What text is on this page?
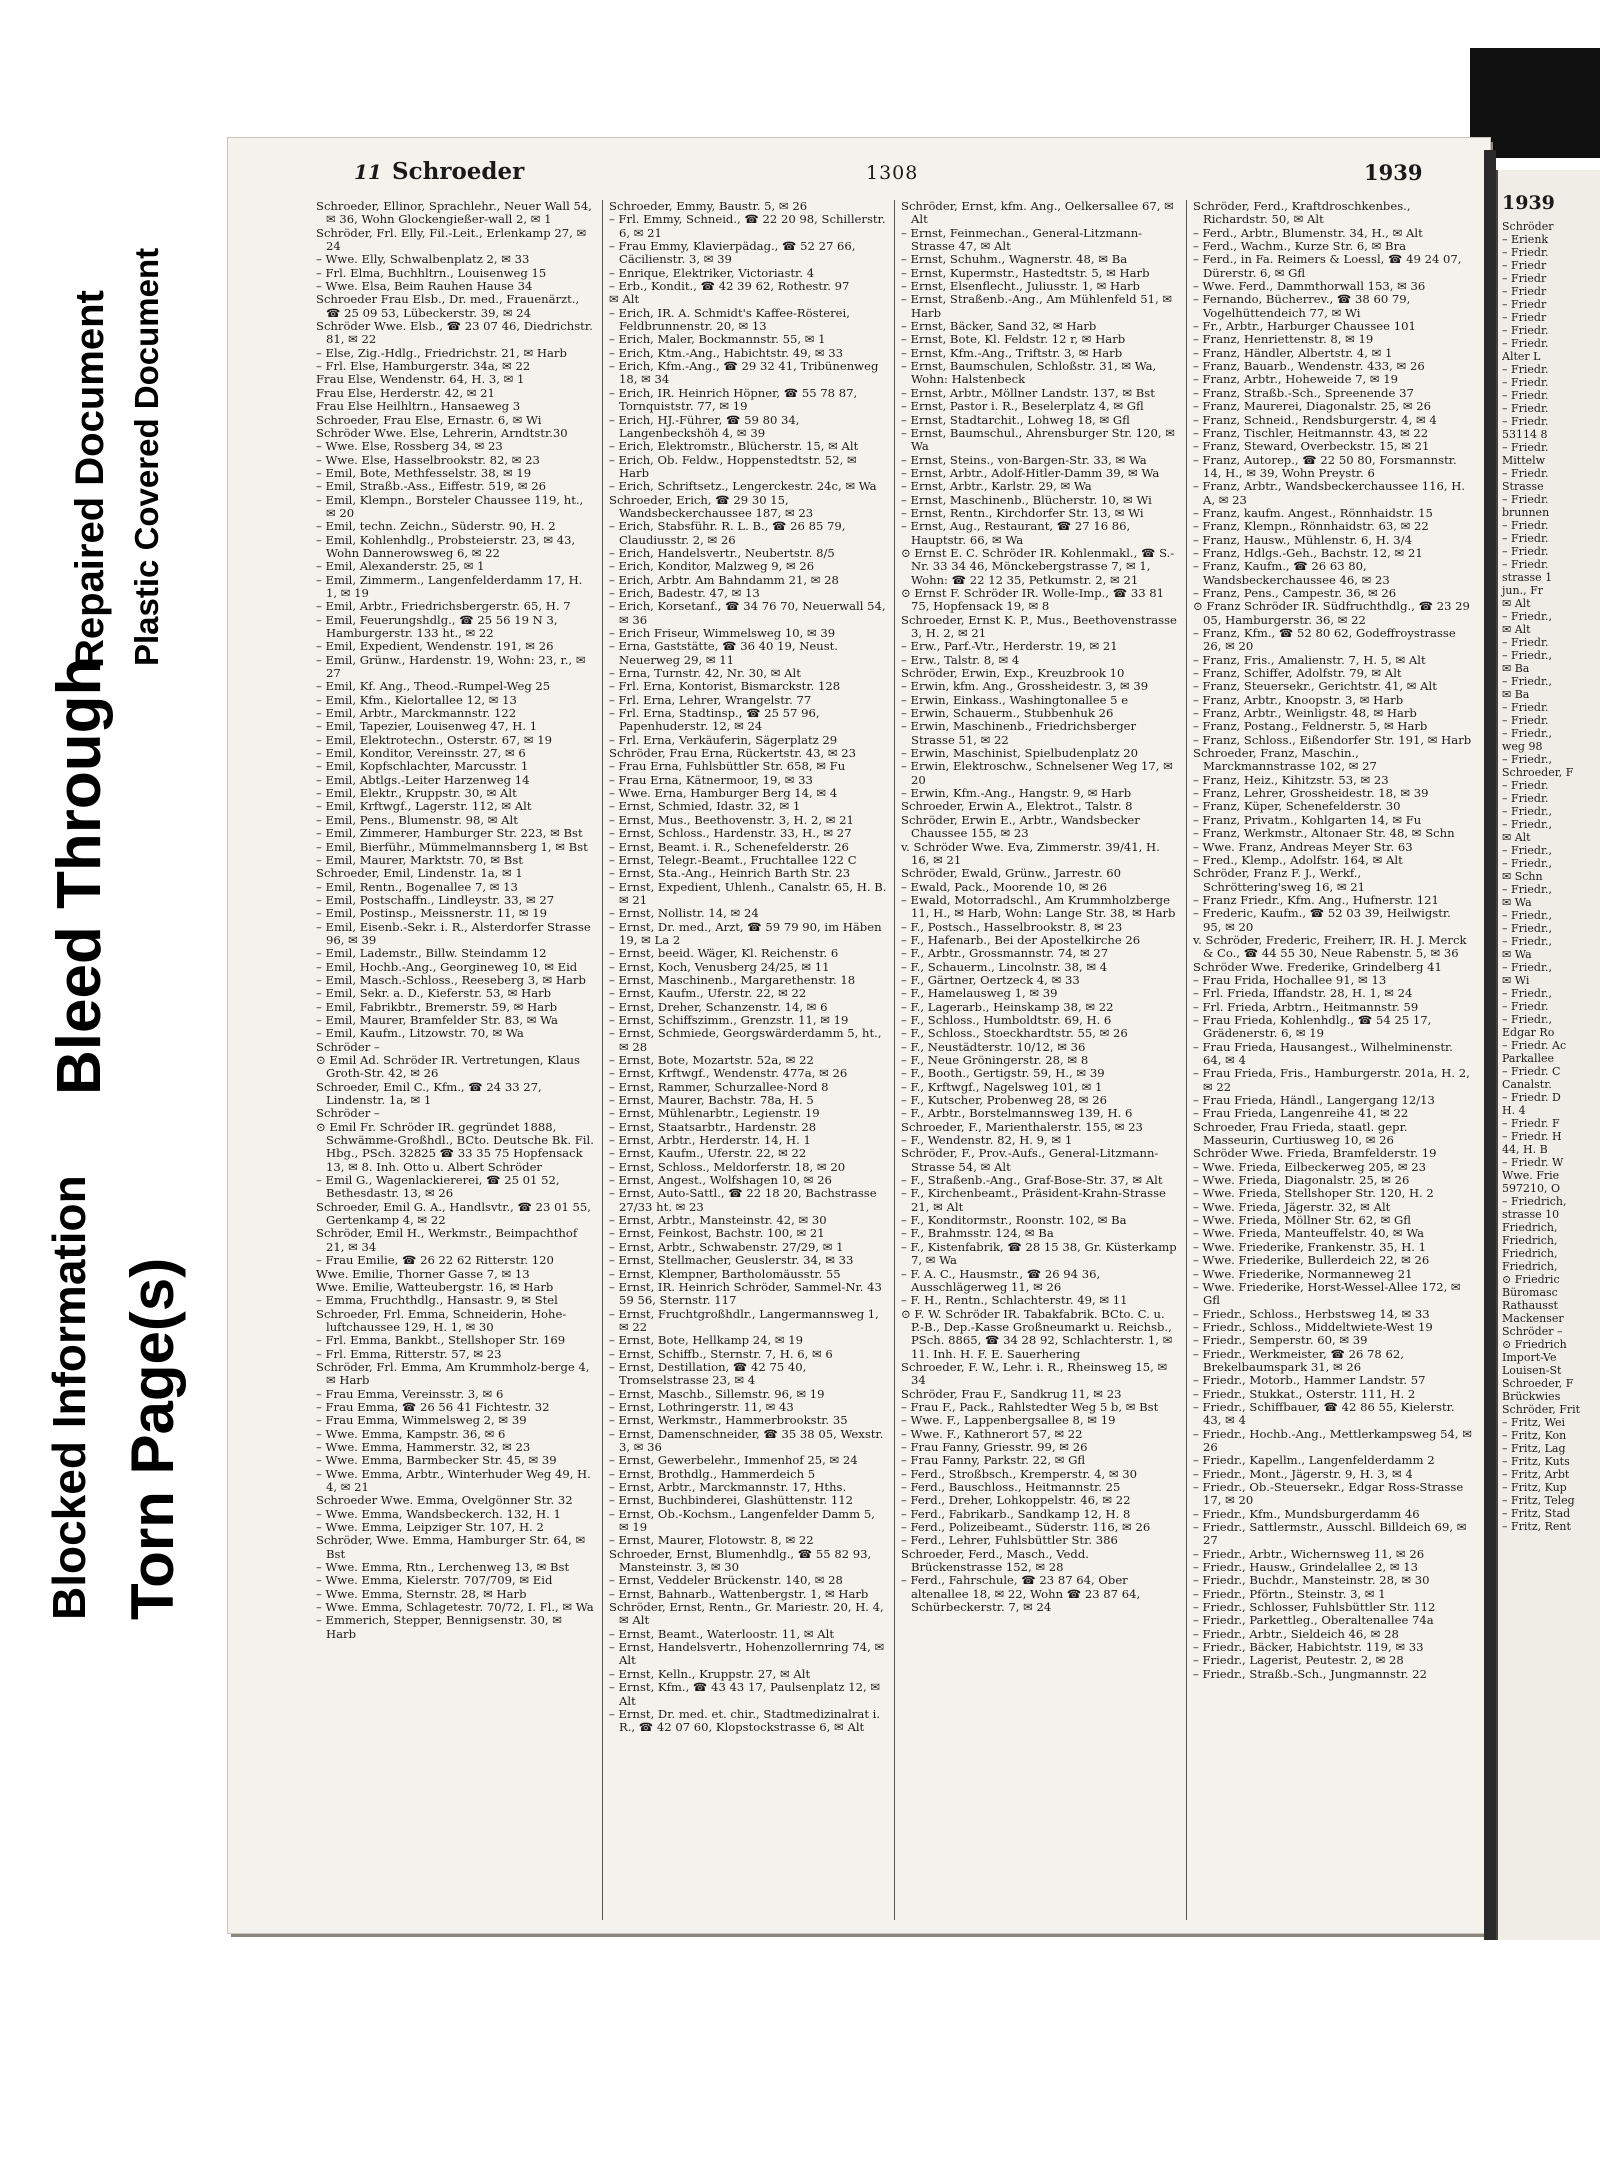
Bleed Through
Repaired Document Plastic Covered Document
Blocked Information Torn Page(s)
11 Schroeder	1308	1939
Schroeder, Ellinor, Sprachlehr., Neuer Wall 54, ✉ 36, Wohn Glockengießer-wall 2, ✉ 1
Schröder, Frl. Elly, Fil.-Leit., Erlenkamp 27, ✉ 24
– Wwe. Elly, Schwalbenplatz 2, ✉ 33
– Frl. Elma, Buchhltrn., Louisenweg 15
– Wwe. Elsa, Beim Rauhen Hause 34
Schroeder Frau Elsb., Dr. med., Frauenärzt., ☎ 25 09 53, Lübeckerstr. 39, ✉ 24
Schröder Wwe. Elsb., ☎ 23 07 46, Diedrichstr. 81, ✉ 22
– Else, Zig.-Hdlg., Friedrichstr. 21, ✉ Harb
– Frl. Else, Hamburgerstr. 34a, ✉ 22
Frau Else, Wendenstr. 64, H. 3, ✉ 1
Frau Else, Herderstr. 42, ✉ 21
Frau Else Heilhltrn., Hansaeweg 3
Schroeder, Frau Else, Ernastr. 6, ✉ Wi
Schröder Wwe. Else, Lehrerin, Arndtstr.30
– Wwe. Else, Rossberg 34, ✉ 23
– Wwe. Else, Hasselbrookstr. 82, ✉ 23
– Emil, Bote, Methfesselstr. 38, ✉ 19
– Emil, Straßb.-Ass., Eiffestr. 519, ✉ 26
– Emil, Klempn., Borsteler Chaussee 119, ht., ✉ 20
– Emil, techn. Zeichn., Süderstr. 90, H. 2
– Emil, Kohlenhdlg., Probsteierstr. 23, ✉ 43, Wohn Dannerowsweg 6, ✉ 22
– Emil, Alexanderstr. 25, ✉ 1
– Emil, Zimmerm., Langenfelderdamm 17, H. 1, ✉ 19
– Emil, Arbtr., Friedrichsbergerstr. 65, H. 7
– Emil, Feuerungshdlg., ☎ 25 56 19 N 3, Hamburgerstr. 133 ht., ✉ 22
– Emil, Expedient, Wendenstr. 191, ✉ 26
– Emil, Grünw., Hardenstr. 19, Wohn: 23, r., ✉ 27
– Emil, Kf. Ang., Theod.-Rumpel-Weg 25
– Emil, Kfm., Kielortallee 12, ✉ 13
– Emil, Arbtr., Marckmannstr. 122
– Emil, Tapezier, Louisenweg 47, H. 1
– Emil, Elektrotechn., Osterstr. 67, ✉ 19
– Emil, Konditor, Vereinsstr. 27, ✉ 6
– Emil, Kopfschlachter, Marcusstr. 1
– Emil, Abtlgs.-Leiter Harzenweg 14
– Emil, Elektr., Kruppstr. 30, ✉ Alt
– Emil, Krftwgf., Lagerstr. 112, ✉ Alt
– Emil, Pens., Blumenstr. 98, ✉ Alt
– Emil, Zimmerer, Hamburger Str. 223, ✉ Bst
– Emil, Bierführ., Mümmelmannsberg 1, ✉ Bst
– Emil, Maurer, Marktstr. 70, ✉ Bst
Schroeder, Emil, Lindenstr. 1a, ✉ 1
– Emil, Rentn., Bogenallee 7, ✉ 13
– Emil, Postschaffn., Lindleystr. 33, ✉ 27
– Emil, Postinsp., Meissnerstr. 11, ✉ 19
– Emil, Eisenb.-Sekr. i. R., Alsterdorfer Strasse 96, ✉ 39
– Emil, Lademstr., Billw. Steindamm 12
– Emil, Hochb.-Ang., Georgineweg 10, ✉ Eid
– Emil, Masch.-Schloss., Reeseberg 3, ✉ Harb
– Emil, Sekr. a. D., Kieferstr. 53, ✉ Harb
– Emil, Fabrikbtr., Bremerstr. 59, ✉ Harb
– Emil, Maurer, Bramfelder Str. 83, ✉ Wa
– Emil, Kaufm., Litzowstr. 70, ✉ Wa
Schröder –
⊙ Emil Ad. Schröder IR. Vertretungen, Klaus Groth-Str. 42, ✉ 26
Schroeder, Emil C., Kfm., ☎ 24 33 27, Lindenstr. 1a, ✉ 1
Schröder –
⊙ Emil Fr. Schröder IR. gegründet 1888, Schwämme-Großhdl., BCto. Deutsche Bk. Fil. Hbg., PSch. 32825 ☎ 33 35 75 Hopfensack 13, ✉ 8. Inh. Otto u. Albert Schröder
– Emil G., Wagenlackiererei, ☎ 25 01 52, Bethesdastr. 13, ✉ 26
Schroeder, Emil G. A., Handlsvtr., ☎ 23 01 55, Gertenkamp 4, ✉ 22
Schröder, Emil H., Werkmstr., Beimpachthof 21, ✉ 34
– Frau Emilie, ☎ 26 22 62 Ritterstr. 120
Wwe. Emilie, Thorner Gasse 7, ✉ 13
Wwe. Emilie, Watteubergstr. 16, ✉ Harb
– Emma, Fruchthdlg., Hansastr. 9, ✉ Stel
Schroeder, Frl. Emma, Schneiderin, Hohe-luftchaussee 129, H. 1, ✉ 30
– Frl. Emma, Bankbt., Stellshoper Str. 169
– Frl. Emma, Ritterstr. 57, ✉ 23
Schröder, Frl. Emma, Am Krummholz-berge 4, ✉ Harb
– Frau Emma, Vereinsstr. 3, ✉ 6
– Frau Emma, ☎ 26 56 41 Fichtestr. 32
– Frau Emma, Wimmelsweg 2, ✉ 39
– Wwe. Emma, Kampstr. 36, ✉ 6
– Wwe. Emma, Hammerstr. 32, ✉ 23
– Wwe. Emma, Barmbecker Str. 45, ✉ 39
– Wwe. Emma, Arbtr., Winterhuder Weg 49, H. 4, ✉ 21
Schroeder Wwe. Emma, Ovelgönner Str. 32
– Wwe. Emma, Wandsbeckerch. 132, H. 1
– Wwe. Emma, Leipziger Str. 107, H. 2
Schröder, Wwe. Emma, Hamburger Str. 64, ✉ Bst
– Wwe. Emma, Rtn., Lerchenweg 13, ✉ Bst
– Wwe. Emma, Kielerstr. 707/709, ✉ Eid
– Wwe. Emma, Sternstr. 28, ✉ Harb
– Wwe. Emma, Schlagetestr. 70/72, I. Fl., ✉ Wa
– Emmerich, Stepper, Bennigsenstr. 30, ✉ Harb
Schroeder, Emmy, Baustr. 5, ✉ 26
– Frl. Emmy, Schneid., ☎ 22 20 98, Schillerstr. 6, ✉ 21
– Frau Emmy, Klavierpädag., ☎ 52 27 66, Cäcilienstr. 3, ✉ 39
– Enrique, Elektriker, Victoriastr. 4
– Erb., Kondit., ☎ 42 39 62, Rothestr. 97
✉ Alt
– Erich, IR. A. Schmidt's Kaffee-Rösterei, Feldbrunnenstr. 20, ✉ 13
– Erich, Maler, Bockmannstr. 55, ✉ 1
– Erich, Ktm.-Ang., Habichtstr. 49, ✉ 33
– Erich, Kfm.-Ang., ☎ 29 32 41, Tribünenweg 18, ✉ 34
– Erich, IR. Heinrich Höpner, ☎ 55 78 87, Tornquiststr. 77, ✉ 19
– Erich, HJ.-Führer, ☎ 59 80 34, Langenbeckshöh 4, ✉ 39
– Erich, Elektromstr., Blücherstr. 15, ✉ Alt
– Erich, Ob. Feldw., Hoppenstedtstr. 52, ✉ Harb
– Erich, Schriftsetz., Lengerckestr. 24c, ✉ Wa
Schroeder, Erich, ☎ 29 30 15, Wandsbeckerchaussee 187, ✉ 23
– Erich, Stabsführ. R. L. B., ☎ 26 85 79, Claudiusstr. 2, ✉ 26
– Erich, Handelsvertr., Neubertstr. 8/5
– Erich, Konditor, Malzweg 9, ✉ 26
– Erich, Arbtr. Am Bahndamm 21, ✉ 28
– Erich, Badestr. 47, ✉ 13
– Erich, Korsetanf., ☎ 34 76 70, Neuerwall 54, ✉ 36
– Erich Friseur, Wimmelsweg 10, ✉ 39
– Erna, Gaststätte, ☎ 36 40 19, Neust. Neuerweg 29, ✉ 11
– Erna, Turnstr. 42, Nr. 30, ✉ Alt
– Frl. Erna, Kontorist, Bismarckstr. 128
– Frl. Erna, Lehrer, Wrangelstr. 77
– Frl. Erna, Stadtinsp., ☎ 25 57 96, Papenhuderstr. 12, ✉ 24
– Frl. Erna, Verkäuferin, Sägerplatz 29
Schröder, Frau Erna, Rückertstr. 43, ✉ 23
– Frau Erna, Fuhlsbüttler Str. 658, ✉ Fu
– Frau Erna, Kätnermoor, 19, ✉ 33
– Wwe. Erna, Hamburger Berg 14, ✉ 4
– Ernst, Schmied, Idastr. 32, ✉ 1
– Ernst, Mus., Beethovenstr. 3, H. 2, ✉ 21
– Ernst, Schloss., Hardenstr. 33, H., ✉ 27
– Ernst, Beamt. i. R., Schenefelderstr. 26
– Ernst, Telegr.-Beamt., Fruchtallee 122 C
– Ernst, Sta.-Ang., Heinrich Barth Str. 23
– Ernst, Expedient, Uhlenh., Canalstr. 65, H. B. ✉ 21
– Ernst, Nollistr. 14, ✉ 24
– Ernst, Dr. med., Arzt, ☎ 59 79 90, im Häben 19, ✉ La 2
– Ernst, beeid. Wäger, Kl. Reichenstr. 6
– Ernst, Koch, Venusberg 24/25, ✉ 11
– Ernst, Maschinenb., Margarethenstr. 18
– Ernst, Kaufm., Uferstr. 22, ✉ 22
– Ernst, Dreher, Schanzenstr. 14, ✉ 6
– Ernst, Schiffszimm., Grenzstr. 11, ✉ 19
– Ernst, Schmiede, Georgswärderdamm 5, ht., ✉ 28
– Ernst, Bote, Mozartstr. 52a, ✉ 22
– Ernst, Krftwgf., Wendenstr. 477a, ✉ 26
– Ernst, Rammer, Schurzallee-Nord 8
– Ernst, Maurer, Bachstr. 78a, H. 5
– Ernst, Mühlenarbtr., Legienstr. 19
– Ernst, Staatsarbtr., Hardenstr. 28
– Ernst, Arbtr., Herderstr. 14, H. 1
– Ernst, Kaufm., Uferstr. 22, ✉ 22
– Ernst, Schloss., Meldorferstr. 18, ✉ 20
– Ernst, Angest., Wolfshagen 10, ✉ 26
– Ernst, Auto-Sattl., ☎ 22 18 20, Bachstrasse 27/33 ht. ✉ 23
– Ernst, Arbtr., Mansteinstr. 42, ✉ 30
– Ernst, Feinkost, Bachstr. 100, ✉ 21
– Ernst, Arbtr., Schwabenstr. 27/29, ✉ 1
– Ernst, Stellmacher, Geuslerstr. 34, ✉ 33
– Ernst, Klempner, Bartholomäusstr. 55
– Ernst, IR. Heinrich Schröder, Sammel-Nr. 43 59 56, Sternstr. 117
– Ernst, Fruchtgroßhdlr., Langermannsweg 1, ✉ 22
– Ernst, Bote, Hellkamp 24, ✉ 19
– Ernst, Schiffb., Sternstr. 7, H. 6, ✉ 6
– Ernst, Destillation, ☎ 42 75 40, Tromselstrasse 23, ✉ 4
– Ernst, Maschb., Sillemstr. 96, ✉ 19
– Ernst, Lothringerstr. 11, ✉ 43
– Ernst, Werkmstr., Hammerbrookstr. 35
– Ernst, Damenschneider, ☎ 35 38 05, Wexstr. 3, ✉ 36
– Ernst, Gewerbelehr., Immenhof 25, ✉ 24
– Ernst, Brothdlg., Hammerdeich 5
– Ernst, Arbtr., Marckmannstr. 17, Hths.
– Ernst, Buchbinderei, Glashüttenstr. 112
– Ernst, Ob.-Kochsm., Langenfelder Damm 5, ✉ 19
– Ernst, Maurer, Flotowstr. 8, ✉ 22
Schroeder, Ernst, Blumenhdlg., ☎ 55 82 93, Mansteinstr. 3, ✉ 30
– Ernst, Veddeler Brückenstr. 140, ✉ 28
– Ernst, Bahnarb., Wattenbergstr. 1, ✉ Harb
Schröder, Ernst, Rentn., Gr. Mariestr. 20, H. 4, ✉ Alt
– Ernst, Beamt., Waterloostr. 11, ✉ Alt
– Ernst, Handelsvertr., Hohenzollernring 74, ✉ Alt
– Ernst, Kelln., Kruppstr. 27, ✉ Alt
– Ernst, Kfm., ☎ 43 43 17, Paulsenplatz 12, ✉ Alt
– Ernst, Dr. med. et. chir., Stadtmedizinalrat i. R., ☎ 42 07 60, Klopstockstrasse 6, ✉ Alt
Schröder, Ernst, kfm. Ang., Oelkersallee 67, ✉ Alt
– Ernst, Feinmechan., General-Litzmann-Strasse 47, ✉ Alt
– Ernst, Schuhm., Wagnerstr. 48, ✉ Ba
– Ernst, Kupermstr., Hastedtstr. 5, ✉ Harb
– Ernst, Elsenflecht., Juliusstr. 1, ✉ Harb
– Ernst, Straßenb.-Ang., Am Mühlenfeld 51, ✉ Harb
– Ernst, Bäcker, Sand 32, ✉ Harb
– Ernst, Bote, Kl. Feldstr. 12 r, ✉ Harb
– Ernst, Kfm.-Ang., Triftstr. 3, ✉ Harb
– Ernst, Baumschulen, Schloßstr. 31, ✉ Wa, Wohn: Halstenbeck
– Ernst, Arbtr., Möllner Landstr. 137, ✉ Bst
– Ernst, Pastor i. R., Beselerplatz 4, ✉ Gfl
– Ernst, Stadtarchit., Lohweg 18, ✉ Gfl
– Ernst, Baumschul., Ahrensburger Str. 120, ✉ Wa
– Ernst, Steins., von-Bargen-Str. 33, ✉ Wa
– Ernst, Arbtr., Adolf-Hitler-Damm 39, ✉ Wa
– Ernst, Arbtr., Karlstr. 29, ✉ Wa
– Ernst, Maschinenb., Blücherstr. 10, ✉ Wi
– Ernst, Rentn., Kirchdorfer Str. 13, ✉ Wi
– Ernst, Aug., Restaurant, ☎ 27 16 86, Hauptstr. 66, ✉ Wa
⊙ Ernst E. C. Schröder IR. Kohlenmakl., ☎ S.-Nr. 33 34 46, Mönckebergstrasse 7, ✉ 1, Wohn: ☎ 22 12 35, Petkumstr. 2, ✉ 21
⊙ Ernst F. Schröder IR. Wolle-Imp., ☎ 33 81 75, Hopfensack 19, ✉ 8
Schroeder, Ernst K. P., Mus., Beethovenstrasse 3, H. 2, ✉ 21
– Erw., Parf.-Vtr., Herderstr. 19, ✉ 21
– Erw., Talstr. 8, ✉ 4
Schröder, Erwin, Exp., Kreuzbrook 10
– Erwin, kfm. Ang., Grossheidestr. 3, ✉ 39
– Erwin, Einkass., Washingtonallee 5 e
– Erwin, Schauerm., Stubbenhuk 26
– Erwin, Maschinenb., Friedrichsberger Strasse 51, ✉ 22
– Erwin, Maschinist, Spielbudenplatz 20
– Erwin, Elektroschw., Schnelsener Weg 17, ✉ 20
– Erwin, Kfm.-Ang., Hangstr. 9, ✉ Harb
Schroeder, Erwin A., Elektrot., Talstr. 8
Schröder, Erwin E., Arbtr., Wandsbecker Chaussee 155, ✉ 23
v. Schröder Wwe. Eva, Zimmerstr. 39/41, H. 16, ✉ 21
Schröder, Ewald, Grünw., Jarrestr. 60
– Ewald, Pack., Moorende 10, ✉ 26
– Ewald, Motorradschl., Am Krummholzberge 11, H., ✉ Harb, Wohn: Lange Str. 38, ✉ Harb
– F., Postsch., Hasselbrookstr. 8, ✉ 23
– F., Hafenarb., Bei der Apostelkirche 26
– F., Arbtr., Grossmannstr. 74, ✉ 27
– F., Schauerm., Lincolnstr. 38, ✉ 4
– F., Gärtner, Oertzeck 4, ✉ 33
– F., Hamelausweg 1, ✉ 39
– F., Lagerarb., Heinskamp 38, ✉ 22
– F., Schloss., Humboldtstr. 69, H. 6
– F., Schloss., Stoeckhardtstr. 55, ✉ 26
– F., Neustädterstr. 10/12, ✉ 36
– F., Neue Gröningerstr. 28, ✉ 8
– F., Booth., Gertigstr. 59, H., ✉ 39
– F., Krftwgf., Nagelsweg 101, ✉ 1
– F., Kutscher, Probenweg 28, ✉ 26
– F., Arbtr., Borstelmannsweg 139, H. 6
Schroeder, F., Marienthalerstr. 155, ✉ 23
– F., Wendenstr. 82, H. 9, ✉ 1
Schröder, F., Prov.-Aufs., General-Litzmann-Strasse 54, ✉ Alt
– F., Straßenb.-Ang., Graf-Bose-Str. 37, ✉ Alt
– F., Kirchenbeamt., Präsident-Krahn-Strasse 21, ✉ Alt
– F., Konditormstr., Roonstr. 102, ✉ Ba
– F., Brahmsstr. 124, ✉ Ba
– F., Kistenfabrik, ☎ 28 15 38, Gr. Küsterkamp 7, ✉ Wa
– F. A. C., Hausmstr., ☎ 26 94 36, Ausschlägerweg 11, ✉ 26
– F. H., Rentn., Schlachterstr. 49, ✉ 11
⊙ F. W. Schröder IR. Tabakfabrik. BCto. C. u. P.-B., Dep.-Kasse Großneumarkt u. Reichsb., PSch. 8865, ☎ 34 28 92, Schlachterstr. 1, ✉ 11. Inh. H. F. E. Sauerhering
Schroeder, F. W., Lehr. i. R., Rheinsweg 15, ✉ 34
Schröder, Frau F., Sandkrug 11, ✉ 23
– Frau F., Pack., Rahlstedter Weg 5 b, ✉ Bst
– Wwe. F., Lappenbergsallee 8, ✉ 19
– Wwe. F., Kathnerort 57, ✉ 22
– Frau Fanny, Griesstr. 99, ✉ 26
– Frau Fanny, Parkstr. 22, ✉ Gfl
– Ferd., Stroßbsch., Kremperstr. 4, ✉ 30
– Ferd., Bauschloss., Heitmannstr. 25
– Ferd., Dreher, Lohkoppelstr. 46, ✉ 22
– Ferd., Fabrikarb., Sandkamp 12, H. 8
– Ferd., Polizeibeamt., Süderstr. 116, ✉ 26
– Ferd., Lehrer, Fuhlsbüttler Str. 386
Schroeder, Ferd., Masch., Vedd. Brückenstrasse 152, ✉ 28
– Ferd., Fahrschule, ☎ 23 87 64, Ober altenallee 18, ✉ 22, Wohn ☎ 23 87 64, Schürbeckerstr. 7, ✉ 24
Schröder, Ferd., Kraftdroschkenbes., Richardstr. 50, ✉ Alt
– Ferd., Arbtr., Blumenstr. 34, H., ✉ Alt
– Ferd., Wachm., Kurze Str. 6, ✉ Bra
– Ferd., in Fa. Reimers & Loessl, ☎ 49 24 07, Dürerstr. 6, ✉ Gfl
– Wwe. Ferd., Dammthorwall 153, ✉ 36
– Fernando, Bücherrev., ☎ 38 60 79, Vogelhüttendeich 77, ✉ Wi
– Fr., Arbtr., Harburger Chaussee 101
– Franz, Henriettenstr. 8, ✉ 19
– Franz, Händler, Albertstr. 4, ✉ 1
– Franz, Bauarb., Wendenstr. 433, ✉ 26
– Franz, Arbtr., Hoheweide 7, ✉ 19
– Franz, Straßb.-Sch., Spreenende 37
– Franz, Maurerei, Diagonalstr. 25, ✉ 26
– Franz, Schneid., Rendsburgerstr. 4, ✉ 4
– Franz, Tischler, Heitmannstr. 43, ✉ 22
– Franz, Steward, Overbeckstr. 15, ✉ 21
– Franz, Autorep., ☎ 22 50 80, Forsmannstr. 14, H., ✉ 39, Wohn Preystr. 6
– Franz, Arbtr., Wandsbeckerchaussee 116, H. A, ✉ 23
– Franz, kaufm. Angest., Rönnhaidstr. 15
– Franz, Klempn., Rönnhaidstr. 63, ✉ 22
– Franz, Hausw., Mühlenstr. 6, H. 3/4
– Franz, Hdlgs.-Geh., Bachstr. 12, ✉ 21
– Franz, Kaufm., ☎ 26 63 80, Wandsbeckerchaussee 46, ✉ 23
– Franz, Pens., Campestr. 36, ✉ 26
⊙ Franz Schröder IR. Südfruchthdlg., ☎ 23 29 05, Hamburgerstr. 36, ✉ 22
– Franz, Kfm., ☎ 52 80 62, Godeffroystrasse 26, ✉ 20
– Franz, Fris., Amalienstr. 7, H. 5, ✉ Alt
– Franz, Schiffer, Adolfstr. 79, ✉ Alt
– Franz, Steuersekr., Gerichtstr. 41, ✉ Alt
– Franz, Arbtr., Knoopstr. 3, ✉ Harb
– Franz, Arbtr., Weinligstr. 48, ✉ Harb
– Franz, Postang., Feldnerstr. 5, ✉ Harb
– Franz, Schloss., Eißendorfer Str. 191, ✉ Harb
Schroeder, Franz, Maschin., Marckmannstrasse 102, ✉ 27
– Franz, Heiz., Kihitzstr. 53, ✉ 23
– Franz, Lehrer, Grossheidestr. 18, ✉ 39
– Franz, Küper, Schenefelderstr. 30
– Franz, Privatm., Kohlgarten 14, ✉ Fu
– Franz, Werkmstr., Altonaer Str. 48, ✉ Schn
– Wwe. Franz, Andreas Meyer Str. 63
– Fred., Klemp., Adolfstr. 164, ✉ Alt
Schröder, Franz F. J., Werkf., Schröttering'sweg 16, ✉ 21
– Franz Friedr., Kfm. Ang., Hufnerstr. 121
– Frederic, Kaufm., ☎ 52 03 39, Heilwigstr. 95, ✉ 20
v. Schröder, Frederic, Freiherr, IR. H. J. Merck & Co., ☎ 44 55 30, Neue Rabenstr. 5, ✉ 36
Schröder Wwe. Frederike, Grindelberg 41
– Frau Frida, Hochallee 91, ✉ 13
– Frl. Frieda, Iffandstr. 28, H. 1, ✉ 24
– Frl. Frieda, Arbtrn., Heitmannstr. 59
– Frau Frieda, Kohlenhdlg., ☎ 54 25 17, Grädenerstr. 6, ✉ 19
– Frau Frieda, Hausangest., Wilhelminenstr. 64, ✉ 4
– Frau Frieda, Fris., Hamburgerstr. 201a, H. 2, ✉ 22
– Frau Frieda, Händl., Langergang 12/13
– Frau Frieda, Langenreihe 41, ✉ 22
Schroeder, Frau Frieda, staatl. gepr. Masseurin, Curtiusweg 10, ✉ 26
Schröder Wwe. Frieda, Bramfelderstr. 19
– Wwe. Frieda, Eilbeckerweg 205, ✉ 23
– Wwe. Frieda, Diagonalstr. 25, ✉ 26
– Wwe. Frieda, Stellshoper Str. 120, H. 2
– Wwe. Frieda, Jägerstr. 32, ✉ Alt
– Wwe. Frieda, Möllner Str. 62, ✉ Gfl
– Wwe. Frieda, Manteuffelstr. 40, ✉ Wa
– Wwe. Friederike, Frankenstr. 35, H. 1
– Wwe. Friederike, Bullerdeich 22, ✉ 26
– Wwe. Friederike, Normanneweg 21
– Wwe. Friederike, Horst-Wessel-Allee 172, ✉ Gfl
– Friedr., Schloss., Herbstsweg 14, ✉ 33
– Friedr., Schloss., Middeltwiete-West 19
– Friedr., Semperstr. 60, ✉ 39
– Friedr., Werkmeister, ☎ 26 78 62, Brekelbaumspark 31, ✉ 26
– Friedr., Motorb., Hammer Landstr. 57
– Friedr., Stukkat., Osterstr. 111, H. 2
– Friedr., Schiffbauer, ☎ 42 86 55, Kielerstr. 43, ✉ 4
– Friedr., Hochb.-Ang., Mettlerkampsweg 54, ✉ 26
– Friedr., Kapellm., Langenfelderdamm 2
– Friedr., Mont., Jägerstr. 9, H. 3, ✉ 4
– Friedr., Ob.-Steuersekr., Edgar Ross-Strasse 17, ✉ 20
– Friedr., Kfm., Mundsburgerdamm 46
– Friedr., Sattlermstr., Ausschl. Billdeich 69, ✉ 27
– Friedr., Arbtr., Wichernsweg 11, ✉ 26
– Friedr., Hausw., Grindelallee 2, ✉ 13
– Friedr., Buchdr., Mansteinstr. 28, ✉ 30
– Friedr., Pförtn., Steinstr. 3, ✉ 1
– Friedr., Schlosser, Fuhlsbüttler Str. 112
– Friedr., Parkettleg., Oberaltenallee 74a
– Friedr., Arbtr., Sieldeich 46, ✉ 28
– Friedr., Bäcker, Habichtstr. 119, ✉ 33
– Friedr., Lagerist, Peutestr. 2, ✉ 28
– Friedr., Straßb.-Sch., Jungmannstr. 22
1939
Schröder
– Erienk
– Friedr.
– Friedr
– Friedr
– Friedr
– Friedr
– Friedr
– Friedr.
– Friedr.
Alter L
– Friedr.
– Friedr.
– Friedr.
– Friedr.
– Friedr.
53114 8
– Friedr.
Mittelw
– Friedr.
Strasse
– Friedr.
brunnen
– Friedr.
– Friedr.
– Friedr.
– Friedr.
strasse 1
jun., Fr
✉ Alt
– Friedr.,
✉ Alt
– Friedr.
– Friedr.,
✉ Ba
– Friedr.,
✉ Ba
– Friedr.
– Friedr.
– Friedr.,
weg 98
– Friedr.,
Schroeder, F
– Friedr.
– Friedr.
– Friedr.,
– Friedr.,
✉ Alt
– Friedr.,
– Friedr.,
✉ Schn
– Friedr.,
✉ Wa
– Friedr.,
– Friedr.,
– Friedr.,
✉ Wa
– Friedr.,
✉ Wi
– Friedr.,
– Friedr.
– Friedr.,
Edgar Ro
– Friedr. Ac
Parkallee
– Friedr. C
Canalstr.
– Friedr. D
H. 4
– Friedr. F
– Friedr. H
44, H. B
– Friedr. W
Wwe. Frie
597210, O
– Friedrich,
strasse 10
Friedrich,
Friedrich,
Friedrich,
Friedrich,
⊙ Friedric
Büromasc
Rathausst
Mackenser
Schröder –
⊙ Friedrich
Import-Ve
Louisen-St
Schroeder, F
Brückwies
Schröder, Frit
– Fritz, Wei
– Fritz, Kon
– Fritz, Lag
– Fritz, Kuts
– Fritz, Arbt
– Fritz, Kup
– Fritz, Teleg
– Fritz, Stad
– Fritz, Rent
